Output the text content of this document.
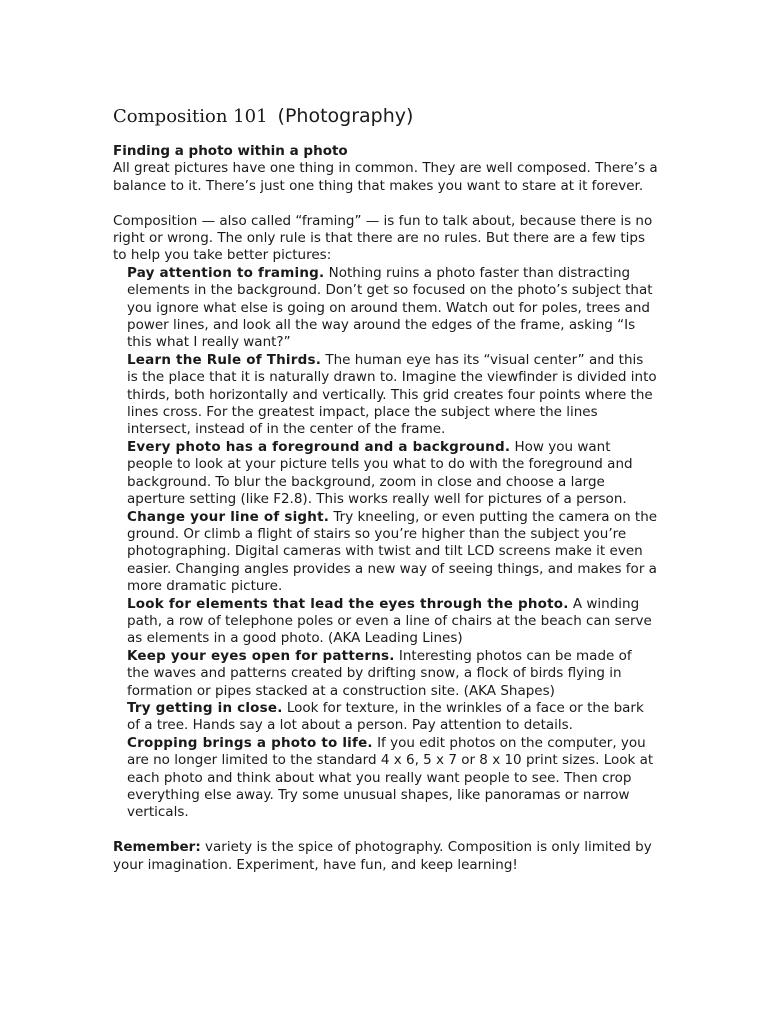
Composition 101 (Photography)
Finding a photo within a photo

All great pictures have one thing in common. They are well composed. There’s a balance to it. There’s just one thing that makes you want to stare at it forever.

Composition — also called “framing” — is fun to talk about, because there is no right or wrong. The only rule is that there are no rules. But there are a few tips to help you take better pictures:

Pay attention to framing. Nothing ruins a photo faster than distracting elements in the background. Don’t get so focused on the photo’s subject that you ignore what else is going on around them. Watch out for poles, trees and power lines, and look all the way around the edges of the frame, asking “Is this what I really want?”
Learn the Rule of Thirds. The human eye has its “visual center” and this is the place that it is naturally drawn to. Imagine the viewfinder is divided into thirds, both horizontally and vertically. This grid creates four points where the lines cross. For the greatest impact, place the subject where the lines intersect, instead of in the center of the frame.
Every photo has a foreground and a background. How you want people to look at your picture tells you what to do with the foreground and background. To blur the background, zoom in close and choose a large aperture setting (like F2.8). This works really well for pictures of a person.
Change your line of sight. Try kneeling, or even putting the camera on the ground. Or climb a flight of stairs so you’re higher than the subject you’re photographing. Digital cameras with twist and tilt LCD screens make it even easier. Changing angles provides a new way of seeing things, and makes for a more dramatic picture.
Look for elements that lead the eyes through the photo. A winding path, a row of telephone poles or even a line of chairs at the beach can serve as elements in a good photo. (AKA Leading Lines)
Keep your eyes open for patterns. Interesting photos can be made of the waves and patterns created by drifting snow, a flock of birds flying in formation or pipes stacked at a construction site. (AKA Shapes)
Try getting in close. Look for texture, in the wrinkles of a face or the bark of a tree. Hands say a lot about a person. Pay attention to details.
Cropping brings a photo to life. If you edit photos on the computer, you are no longer limited to the standard 4 x 6, 5 x 7 or 8 x 10 print sizes. Look at each photo and think about what you really want people to see. Then crop everything else away. Try some unusual shapes, like panoramas or narrow verticals.

Remember: variety is the spice of photography. Composition is only limited by your imagination. Experiment, have fun, and keep learning!
